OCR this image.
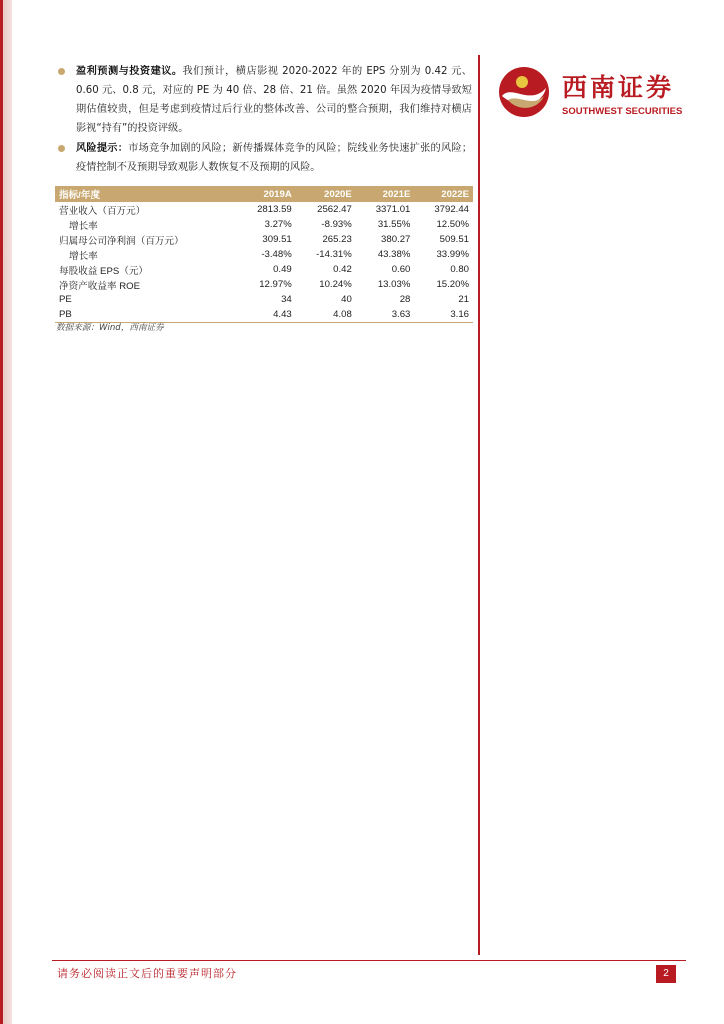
西南证券
SOUTHWEST SECURITIES
盈利预测与投资建议。我们预计，横店影视 2020-2022 年的 EPS 分别为 0.42 元、0.60 元、0.8 元，对应的 PE 为 40 倍、28 倍、21 倍。虽然 2020 年因为疫情导致短期估值较贵，但是考虑到疫情过后行业的整体改善、公司的整合预期，我们维持对横店影视“持有”的投资评级。
风险提示：市场竞争加剧的风险；新传播媒体竞争的风险；院线业务快速扩张的风险；疫情控制不及预期导致观影人数恢复不及预期的风险。
指标/年度	2019A	2020E	2021E	2022E
营业收入（百万元）	2813.59	2562.47	3371.01	3792.44
增长率	3.27%	-8.93%	31.55%	12.50%
归属母公司净利润（百万元）	309.51	265.23	380.27	509.51
增长率	-3.48%	-14.31%	43.38%	33.99%
每股收益 EPS（元）	0.49	0.42	0.60	0.80
净资产收益率 ROE	12.97%	10.24%	13.03%	15.20%
PE	34	40	28	21
PB	4.43	4.08	3.63	3.16
数据来源：Wind，西南证券
请务必阅读正文后的重要声明部分	2
